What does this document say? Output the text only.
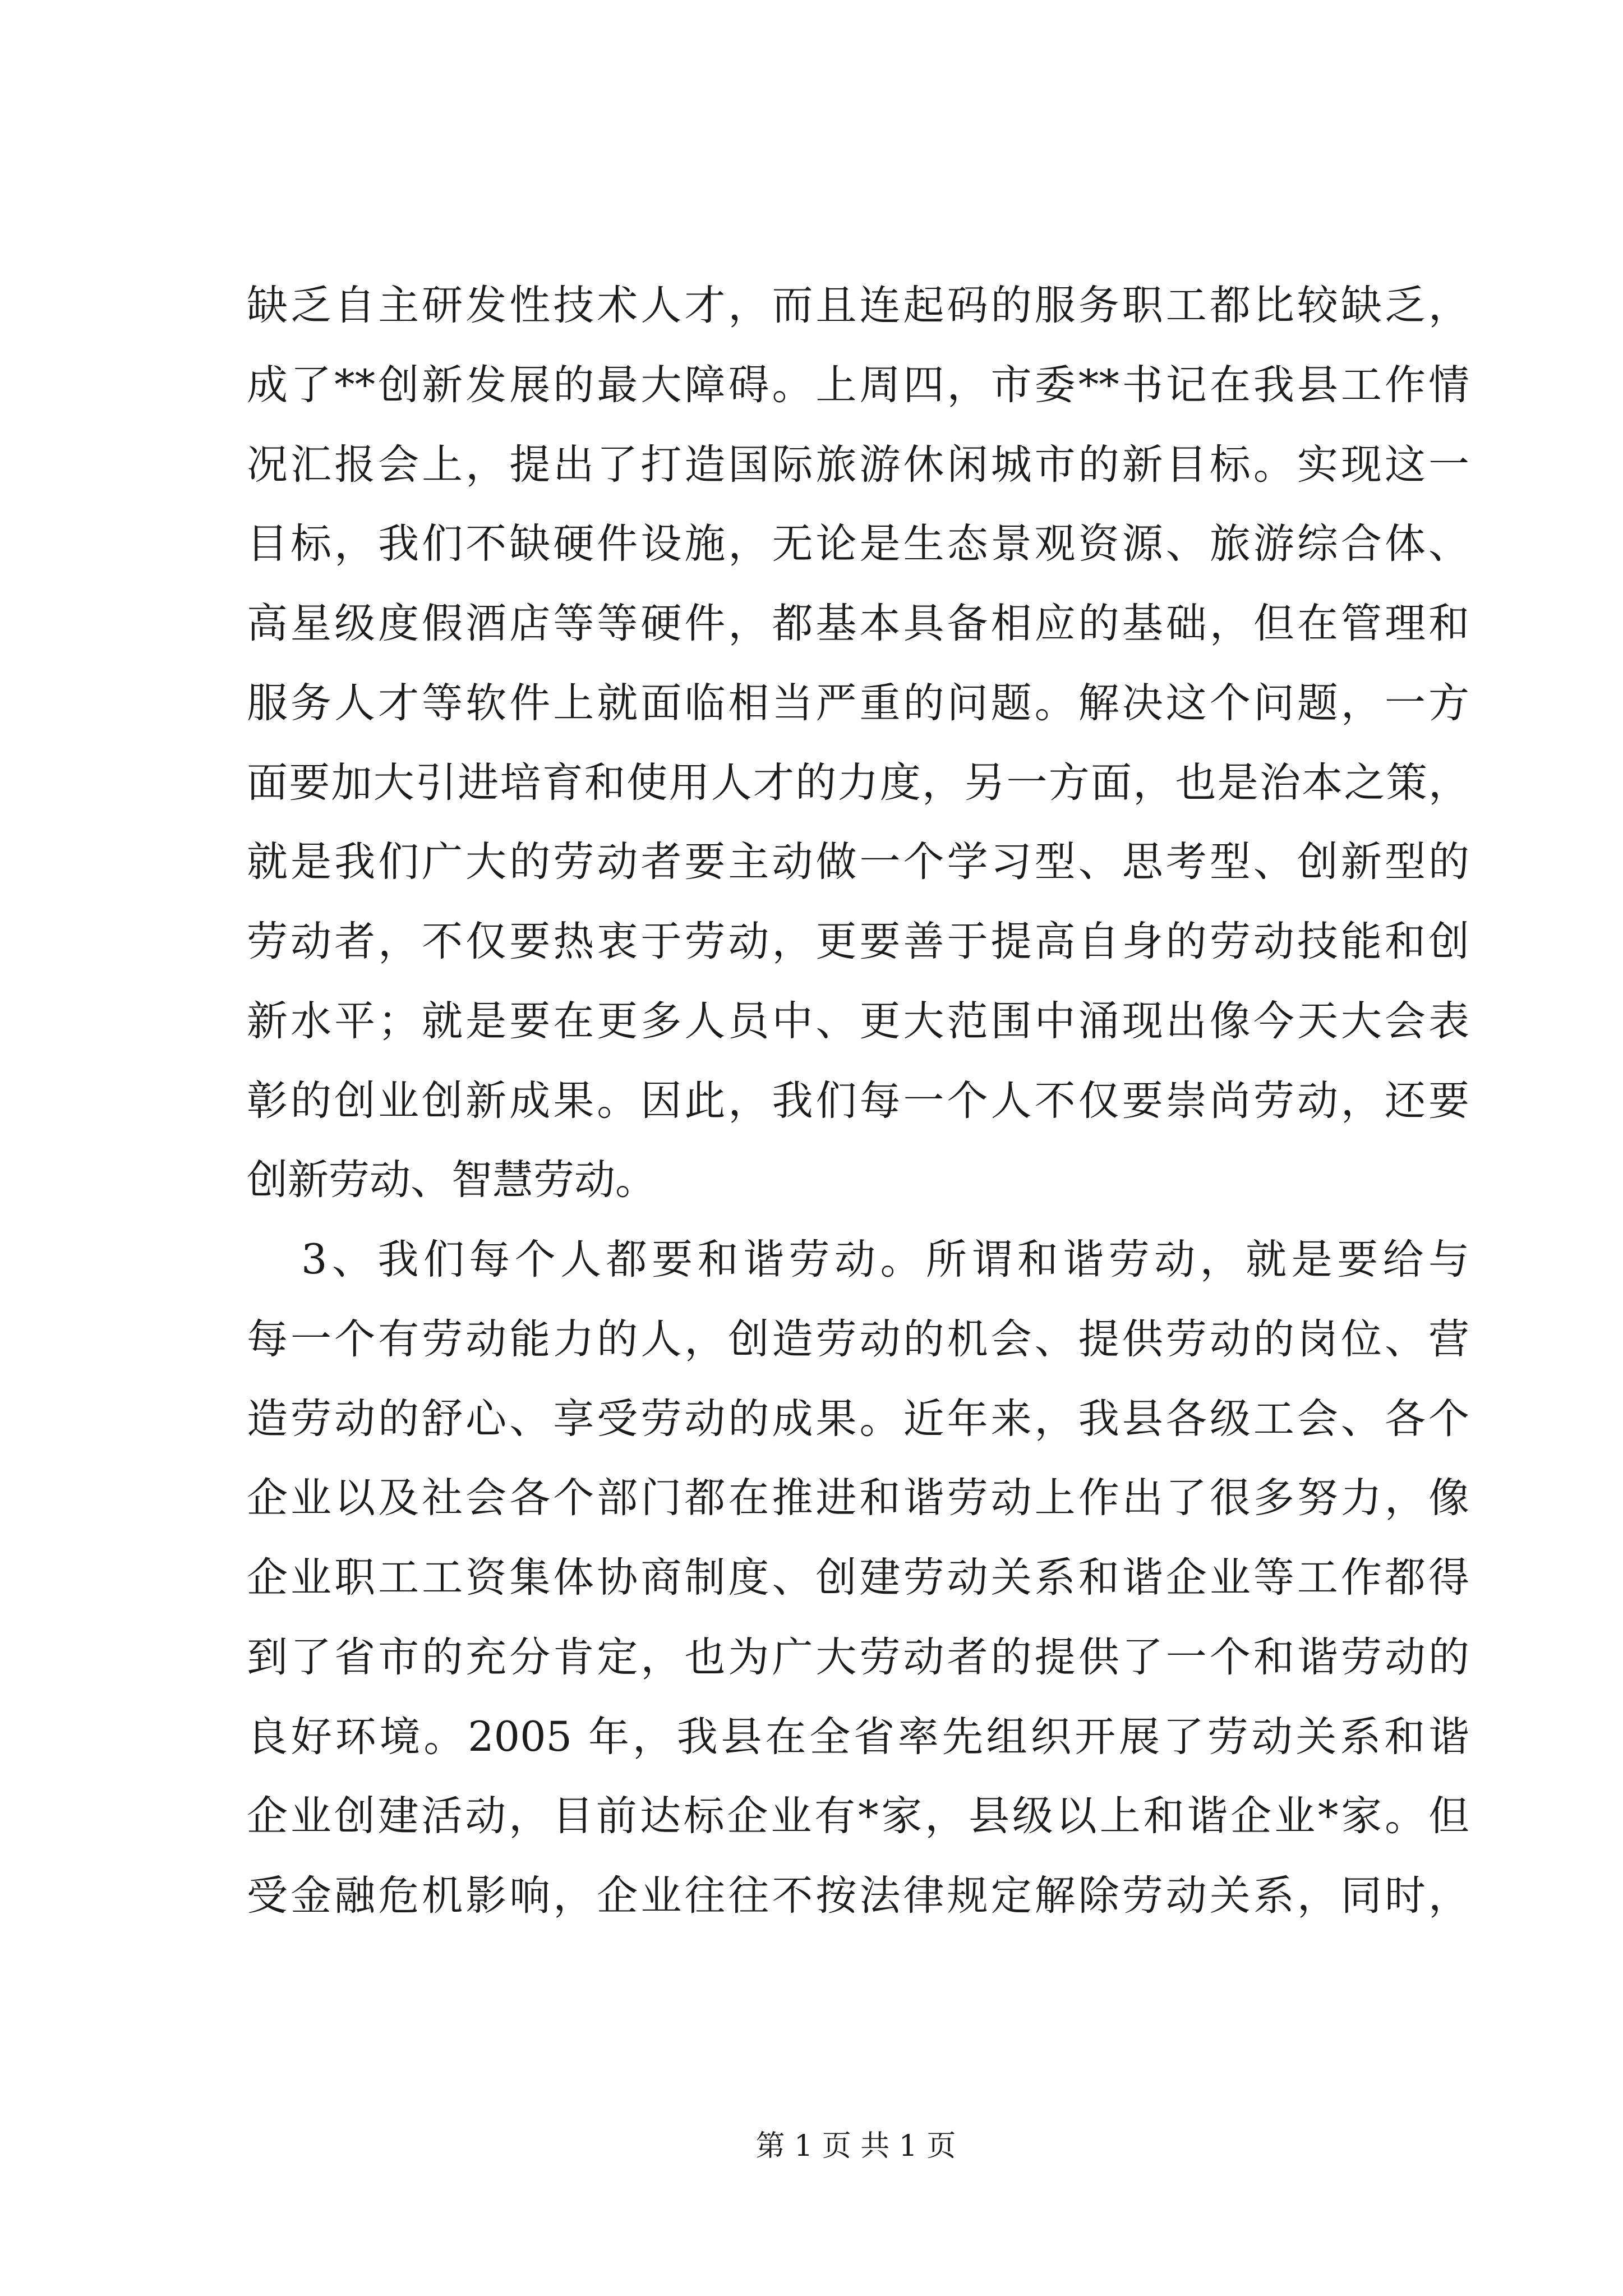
缺乏自主研发性技术人才，而且连起码的服务职工都比较缺乏，
成了**创新发展的最大障碍。上周四，市委**书记在我县工作情
况汇报会上，提出了打造国际旅游休闲城市的新目标。实现这一
目标，我们不缺硬件设施，无论是生态景观资源、旅游综合体、
高星级度假酒店等等硬件，都基本具备相应的基础，但在管理和
服务人才等软件上就面临相当严重的问题。解决这个问题，一方
面要加大引进培育和使用人才的力度，另一方面，也是治本之策，
就是我们广大的劳动者要主动做一个学习型、思考型、创新型的
劳动者，不仅要热衷于劳动，更要善于提高自身的劳动技能和创
新水平；就是要在更多人员中、更大范围中涌现出像今天大会表
彰的创业创新成果。因此，我们每一个人不仅要崇尚劳动，还要
创新劳动、智慧劳动。
3、我们每个人都要和谐劳动。所谓和谐劳动，就是要给与
每一个有劳动能力的人，创造劳动的机会、提供劳动的岗位、营
造劳动的舒心、享受劳动的成果。近年来，我县各级工会、各个
企业以及社会各个部门都在推进和谐劳动上作出了很多努力，像
企业职工工资集体协商制度、创建劳动关系和谐企业等工作都得
到了省市的充分肯定，也为广大劳动者的提供了一个和谐劳动的
良好环境。2005 年，我县在全省率先组织开展了劳动关系和谐
企业创建活动，目前达标企业有*家，县级以上和谐企业*家。但
受金融危机影响，企业往往不按法律规定解除劳动关系，同时，
第 1 页 共 1 页
